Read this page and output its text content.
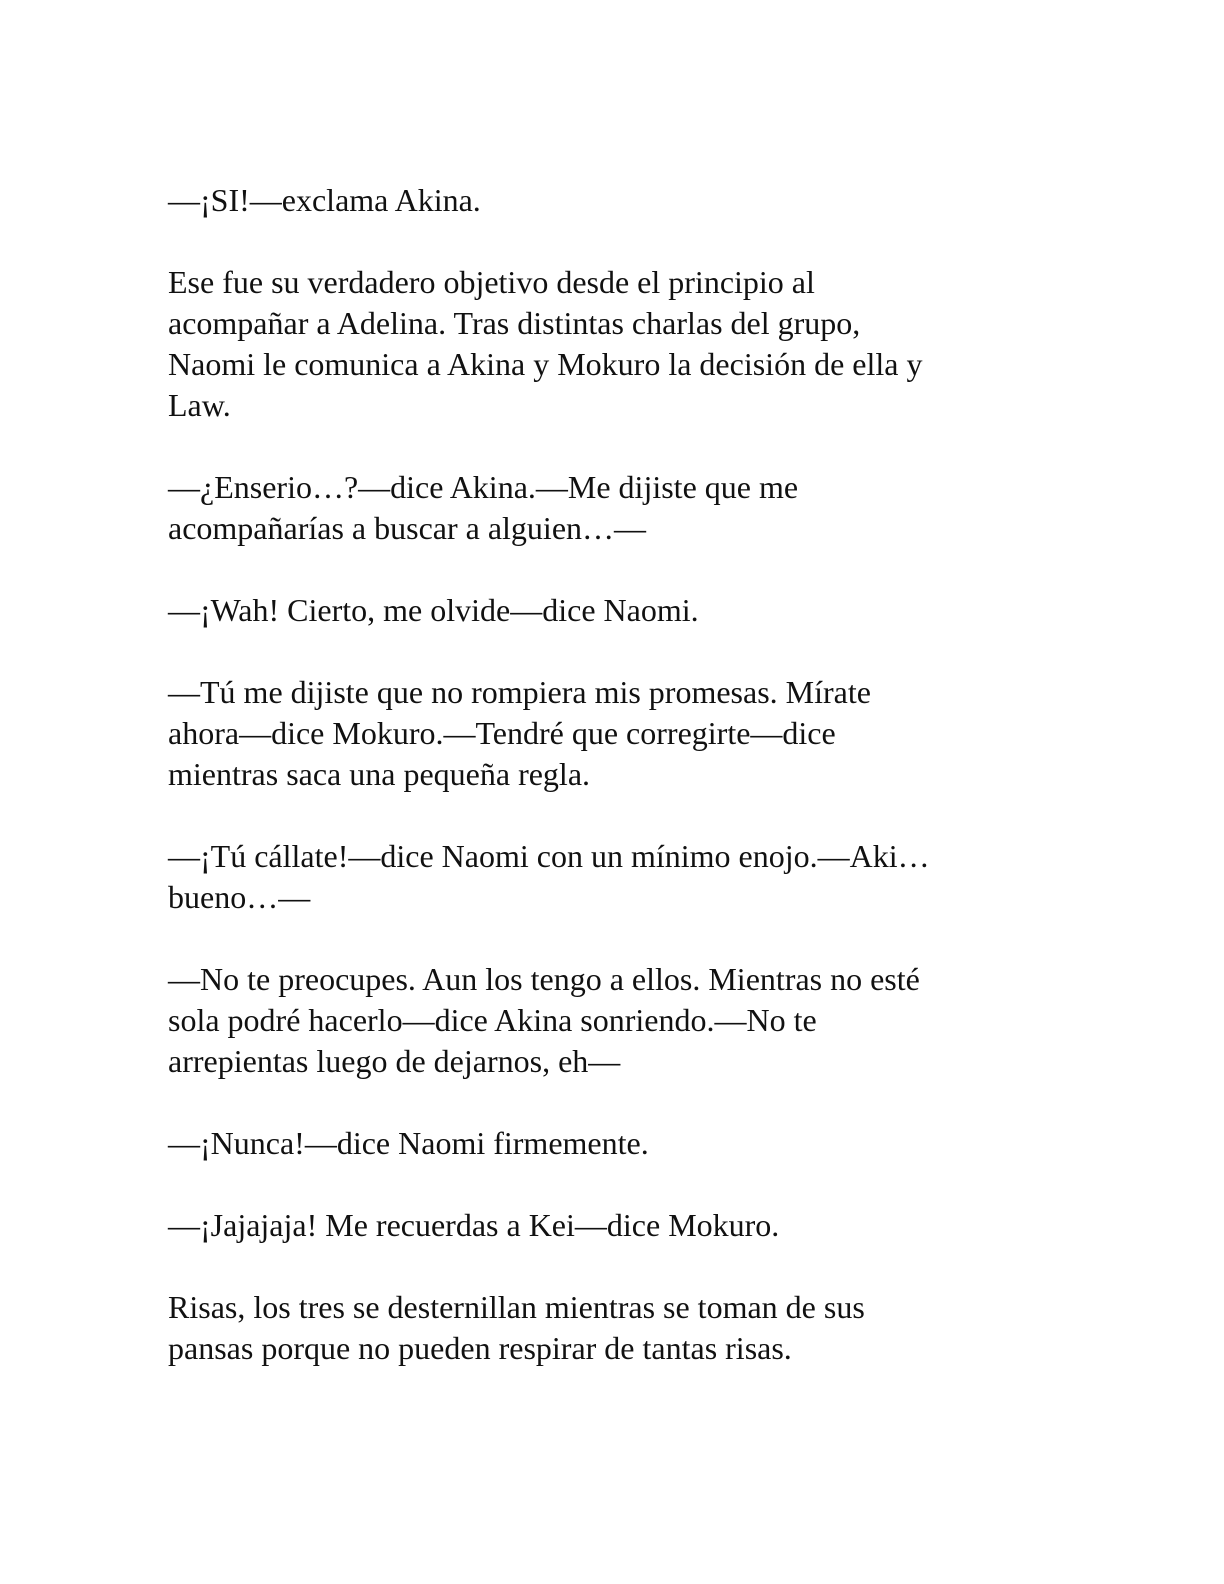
—¡SI!—exclama Akina.

Ese fue su verdadero objetivo desde el principio al
acompañar a Adelina. Tras distintas charlas del grupo,
Naomi le comunica a Akina y Mokuro la decisión de ella y
Law.

—¿Enserio…?—dice Akina.—Me dijiste que me
acompañarías a buscar a alguien…—

—¡Wah! Cierto, me olvide—dice Naomi.

—Tú me dijiste que no rompiera mis promesas. Mírate
ahora—dice Mokuro.—Tendré que corregirte—dice
mientras saca una pequeña regla.

—¡Tú cállate!—dice Naomi con un mínimo enojo.—Aki…
bueno…—

—No te preocupes. Aun los tengo a ellos. Mientras no esté
sola podré hacerlo—dice Akina sonriendo.—No te
arrepientas luego de dejarnos, eh—

—¡Nunca!—dice Naomi firmemente.

—¡Jajajaja! Me recuerdas a Kei—dice Mokuro.

Risas, los tres se desternillan mientras se toman de sus
pansas porque no pueden respirar de tantas risas.
